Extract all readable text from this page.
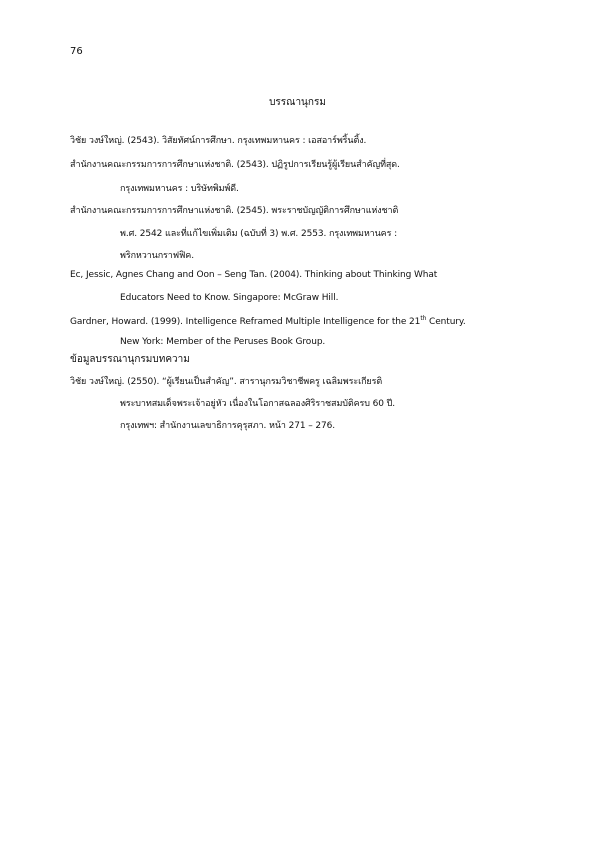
76
บรรณานุกรม
วิชัย วงษ์ใหญ่. (2543). วิสัยทัศน์การศึกษา. กรุงเทพมหานคร : เอสอาร์พริ้นติ้ง.
สำนักงานคณะกรรมการการศึกษาแห่งชาติ. (2543). ปฏิรูปการเรียนรู้ผู้เรียนสำคัญที่สุด.
กรุงเทพมหานคร : บริษัทพิมพ์ดี.
สำนักงานคณะกรรมการการศึกษาแห่งชาติ. (2545). พระราชบัญญัติการศึกษาแห่งชาติ
พ.ศ. 2542 และที่แก้ไขเพิ่มเติม (ฉบับที่ 3) พ.ศ. 2553. กรุงเทพมหานคร :
พริกหวานกราฟฟิค.
Ec, Jessic, Agnes Chang and Oon – Seng Tan. (2004). Thinking about Thinking What
Educators Need to Know. Singapore: McGraw Hill.
Gardner, Howard. (1999). Intelligence Reframed Multiple Intelligence for the 21th Century.
New York: Member of the Peruses Book Group.
ข้อมูลบรรณานุกรมบทความ
วิชัย วงษ์ใหญ่. (2550). “ผู้เรียนเป็นสำคัญ”. สารานุกรมวิชาชีพครู เฉลิมพระเกียรติ
พระบาทสมเด็จพระเจ้าอยู่หัว เนื่องในโอกาสฉลองศิริราชสมบัติครบ 60 ปี.
กรุงเทพฯ: สำนักงานเลขาธิการคุรุสภา. หน้า 271 – 276.
